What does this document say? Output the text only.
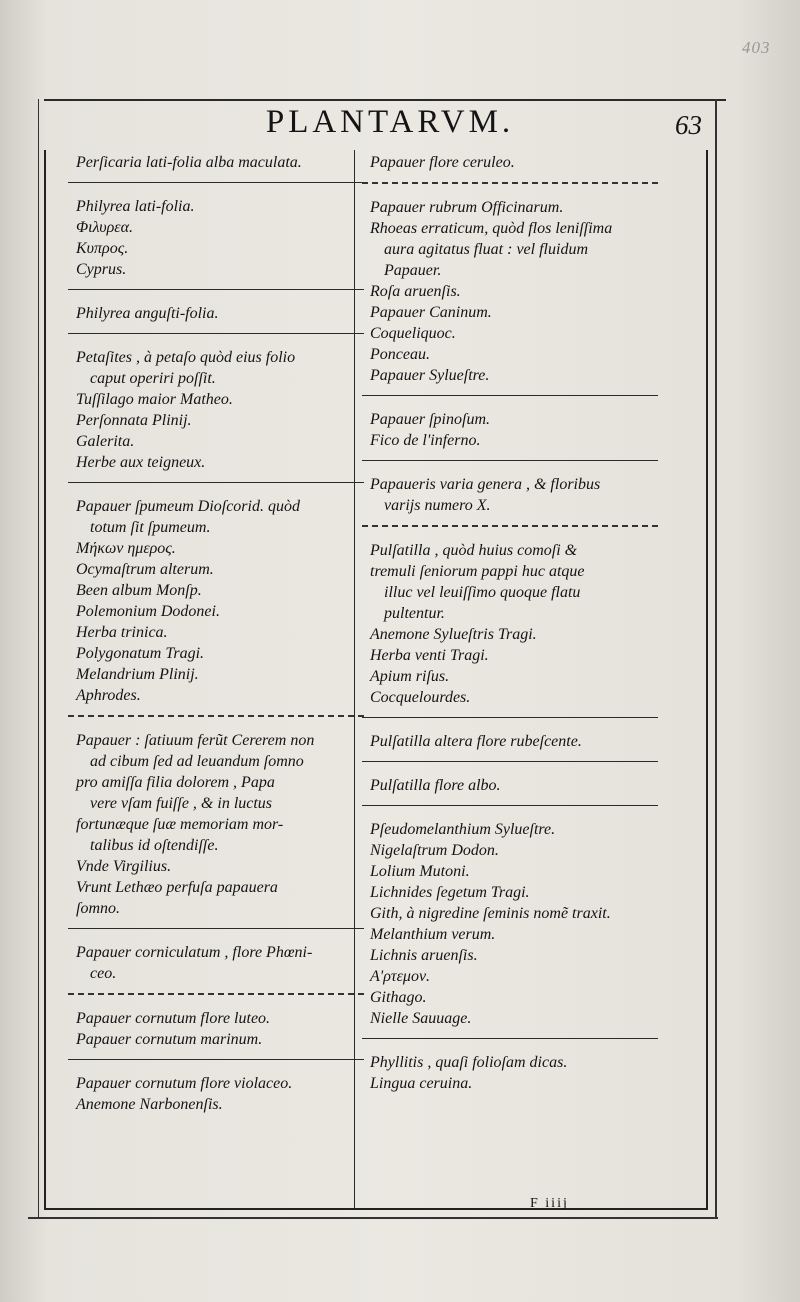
403
PLANTARVM.	63
Perſicaria lati-folia alba maculata.
Philyrea lati-folia.
Φιλυρεα.
Κυπρος.
Cyprus.
Philyrea anguſti-folia.
Petaſites , à petaſo quòd eius folio
caput operiri poſſit.
Tuſſilago maior Matheo.
Perſonnata Plinij.
Galerita.
Herbe aux teigneux.
Papauer ſpumeum Dioſcorid. quòd
totum ſit ſpumeum.
Μήκων ημερος.
Ocymaſtrum alterum.
Been album Monſp.
Polemonium Dodonei.
Herba trinica.
Polygonatum Tragi.
Melandrium Plinij.
Aphrodes.
Papauer : ſatiuum ferũt Cererem non
ad cibum ſed ad leuandum ſomno
pro amiſſa filia dolorem , Papa
vere vſam fuiſſe , & in luctus
fortunæque ſuæ memoriam mor-
talibus id oſtendiſſe.
Vnde Virgilius.
Vrunt Lethæo perfuſa papauera
ſomno.
Papauer corniculatum , flore Phœni-
ceo.
Papauer cornutum flore luteo.
Papauer cornutum marinum.
Papauer cornutum flore violaceo.
Anemone Narbonenſis.
Papauer flore ceruleo.
Papauer rubrum Officinarum.
Rhoeas erraticum, quòd flos leniſſima
aura agitatus fluat : vel fluidum
Papauer.
Roſa aruenſis.
Papauer Caninum.
Coqueliquoc.
Ponceau.
Papauer Sylueſtre.
Papauer ſpinoſum.
Fico de l'inferno.
Papaueris varia genera , & floribus
varijs numero X.
Pulſatilla , quòd huius comoſi &
tremuli ſeniorum pappi huc atque
illuc vel leuiſſimo quoque flatu
pultentur.
Anemone Sylueſtris Tragi.
Herba venti Tragi.
Apium riſus.
Cocquelourdes.
Pulſatilla altera flore rubeſcente.
Pulſatilla flore albo.
Pſeudomelanthium Sylueſtre.
Nigelaſtrum Dodon.
Lolium Mutoni.
Lichnides ſegetum Tragi.
Gith, à nigredine ſeminis nomẽ traxit.
Melanthium verum.
Lichnis aruenſis.
Α'ρτεμον.
Githago.
Nielle Sauuage.
Phyllitis , quaſi folioſam dicas.
Lingua ceruina.
F iiij
